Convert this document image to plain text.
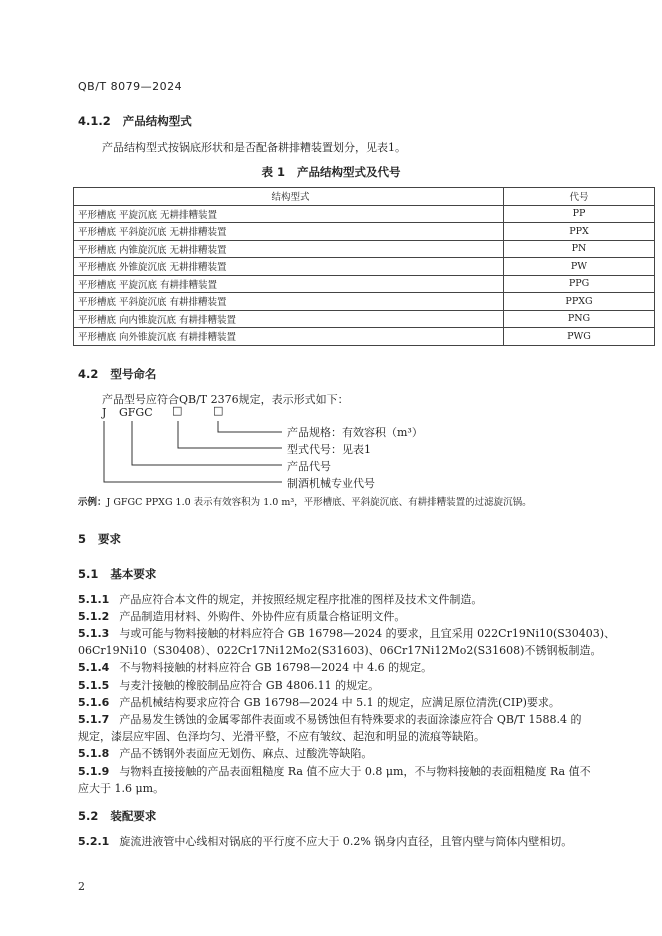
QB/T 8079—2024
4.1.2 产品结构型式
产品结构型式按锅底形状和是否配备耕排糟装置划分，见表1。
表 1   产品结构型式及代号
结构型式	代号
平形槽底 平旋沉底 无耕排糟装置	PP
平形槽底 平斜旋沉底 无耕排糟装置	PPX
平形槽底 内锥旋沉底 无耕排糟装置	PN
平形槽底 外锥旋沉底 无耕排糟装置	PW
平形槽底 平旋沉底 有耕排糟装置	PPG
平形槽底 平斜旋沉底 有耕排糟装置	PPXG
平形槽底 向内锥旋沉底 有耕排糟装置	PNG
平形槽底 向外锥旋沉底 有耕排糟装置	PWG
4.2 型号命名
产品型号应符合QB/T 2376规定，表示形式如下：
J GFGC □	□
产品规格：有效容积（m³）
型式代号：见表1
产品代号
制酒机械专业代号
示例：J GFGC PPXG 1.0 表示有效容积为 1.0 m³，平形槽底、平斜旋沉底、有耕排糟装置的过滤旋沉锅。
5 要求
5.1 基本要求
5.1.1 产品应符合本文件的规定，并按照经规定程序批准的图样及技术文件制造。
5.1.2 产品制造用材料、外购件、外协件应有质量合格证明文件。
5.1.3 与或可能与物料接触的材料应符合 GB 16798—2024 的要求，且宜采用 022Cr19Ni10(S30403)、
06Cr19Ni10（S30408）、022Cr17Ni12Mo2(S31603)、06Cr17Ni12Mo2(S31608)不锈钢板制造。
5.1.4 不与物料接触的材料应符合 GB 16798—2024 中 4.6 的规定。
5.1.5 与麦汁接触的橡胶制品应符合 GB 4806.11 的规定。
5.1.6 产品机械结构要求应符合 GB 16798—2024 中 5.1 的规定，应满足原位清洗(CIP)要求。
5.1.7 产品易发生锈蚀的金属零部件表面或不易锈蚀但有特殊要求的表面涂漆应符合 QB/T 1588.4 的
规定，漆层应牢固、色泽均匀、光滑平整，不应有皱纹、起泡和明显的流痕等缺陷。
5.1.8 产品不锈钢外表面应无划伤、麻点、过酸洗等缺陷。
5.1.9 与物料直接接触的产品表面粗糙度 Ra 值不应大于 0.8 μm，不与物料接触的表面粗糙度 Ra 值不
应大于 1.6 μm。
5.2 装配要求
5.2.1 旋流进液管中心线相对锅底的平行度不应大于 0.2% 锅身内直径，且管内壁与筒体内壁相切。
2
